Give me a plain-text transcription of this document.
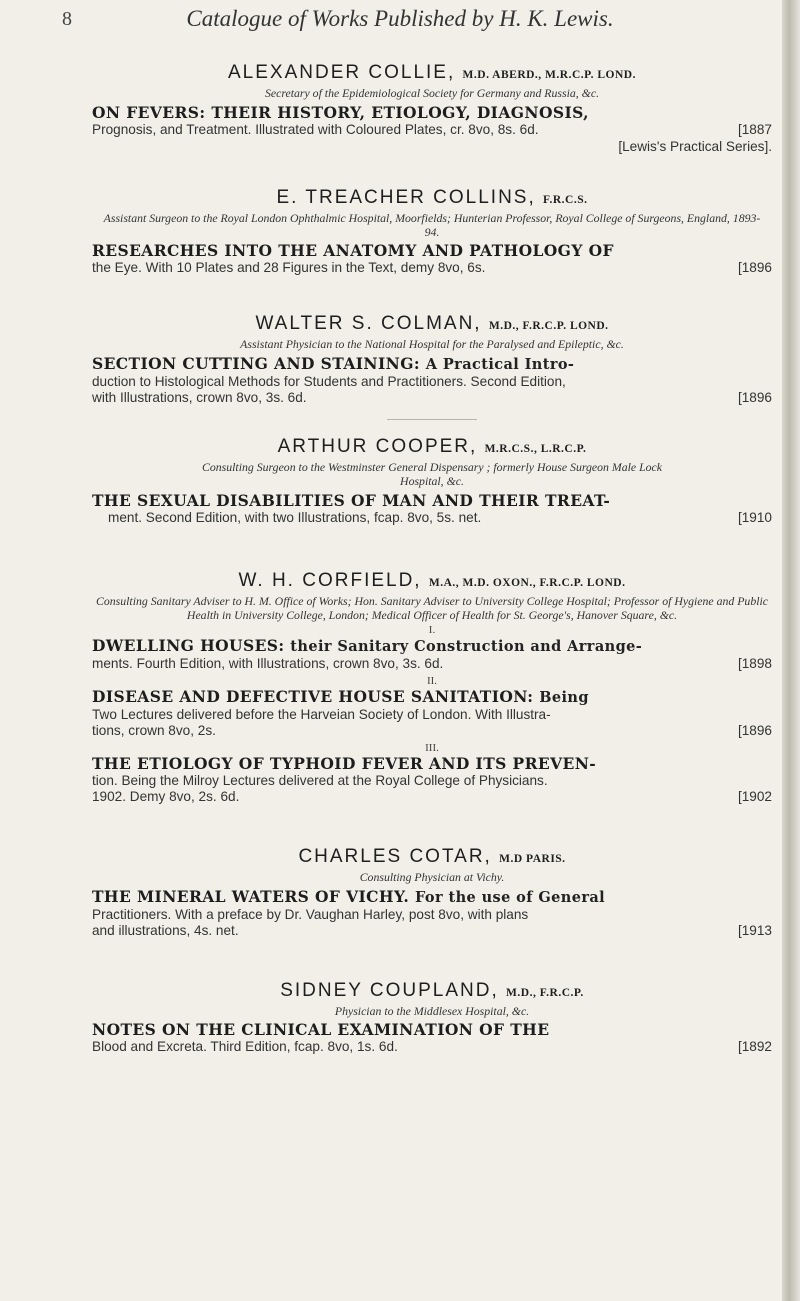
8	Catalogue of Works Published by H. K. Lewis.
ALEXANDER COLLIE, M.D. ABERD., M.R.C.P. LOND.
Secretary of the Epidemiological Society for Germany and Russia, &c.
ON FEVERS: THEIR HISTORY, ETIOLOGY, DIAGNOSIS,
Prognosis, and Treatment. Illustrated with Coloured Plates, cr. 8vo, 8s. 6d.	[1887
[Lewis's Practical Series].
E. TREACHER COLLINS, F.R.C.S.
Assistant Surgeon to the Royal London Ophthalmic Hospital, Moorfields; Hunterian Professor, Royal College of Surgeons, England, 1893-94.
RESEARCHES INTO THE ANATOMY AND PATHOLOGY OF
the Eye. With 10 Plates and 28 Figures in the Text, demy 8vo, 6s.	[1896
WALTER S. COLMAN, M.D., F.R.C.P. LOND.
Assistant Physician to the National Hospital for the Paralysed and Epileptic, &c.
SECTION CUTTING AND STAINING: A Practical Intro-
duction to Histological Methods for Students and Practitioners. Second Edition,
with Illustrations, crown 8vo, 3s. 6d.	[1896
ARTHUR COOPER, M.R.C.S., L.R.C.P.
Consulting Surgeon to the Westminster General Dispensary ; formerly House Surgeon Male Lock Hospital, &c.
THE SEXUAL DISABILITIES OF MAN AND THEIR TREAT-
ment. Second Edition, with two Illustrations, fcap. 8vo, 5s. net.	[1910
W. H. CORFIELD, M.A., M.D. OXON., F.R.C.P. LOND.
Consulting Sanitary Adviser to H. M. Office of Works; Hon. Sanitary Adviser to University College Hospital; Professor of Hygiene and Public Health in University College, London; Medical Officer of Health for St. George's, Hanover Square, &c.
I.
DWELLING HOUSES: their Sanitary Construction and Arrange-
ments. Fourth Edition, with Illustrations, crown 8vo, 3s. 6d.	[1898
II.
DISEASE AND DEFECTIVE HOUSE SANITATION: Being
Two Lectures delivered before the Harveian Society of London. With Illustra-
tions, crown 8vo, 2s.	[1896
III.
THE ETIOLOGY OF TYPHOID FEVER AND ITS PREVEN-
tion. Being the Milroy Lectures delivered at the Royal College of Physicians.
1902. Demy 8vo, 2s. 6d.	[1902
CHARLES COTAR, M.D PARIS.
Consulting Physician at Vichy.
THE MINERAL WATERS OF VICHY. For the use of General
Practitioners. With a preface by Dr. Vaughan Harley, post 8vo, with plans
and illustrations, 4s. net.	[1913
SIDNEY COUPLAND, M.D., F.R.C.P.
Physician to the Middlesex Hospital, &c.
NOTES ON THE CLINICAL EXAMINATION OF THE
Blood and Excreta. Third Edition, fcap. 8vo, 1s. 6d.	[1892
